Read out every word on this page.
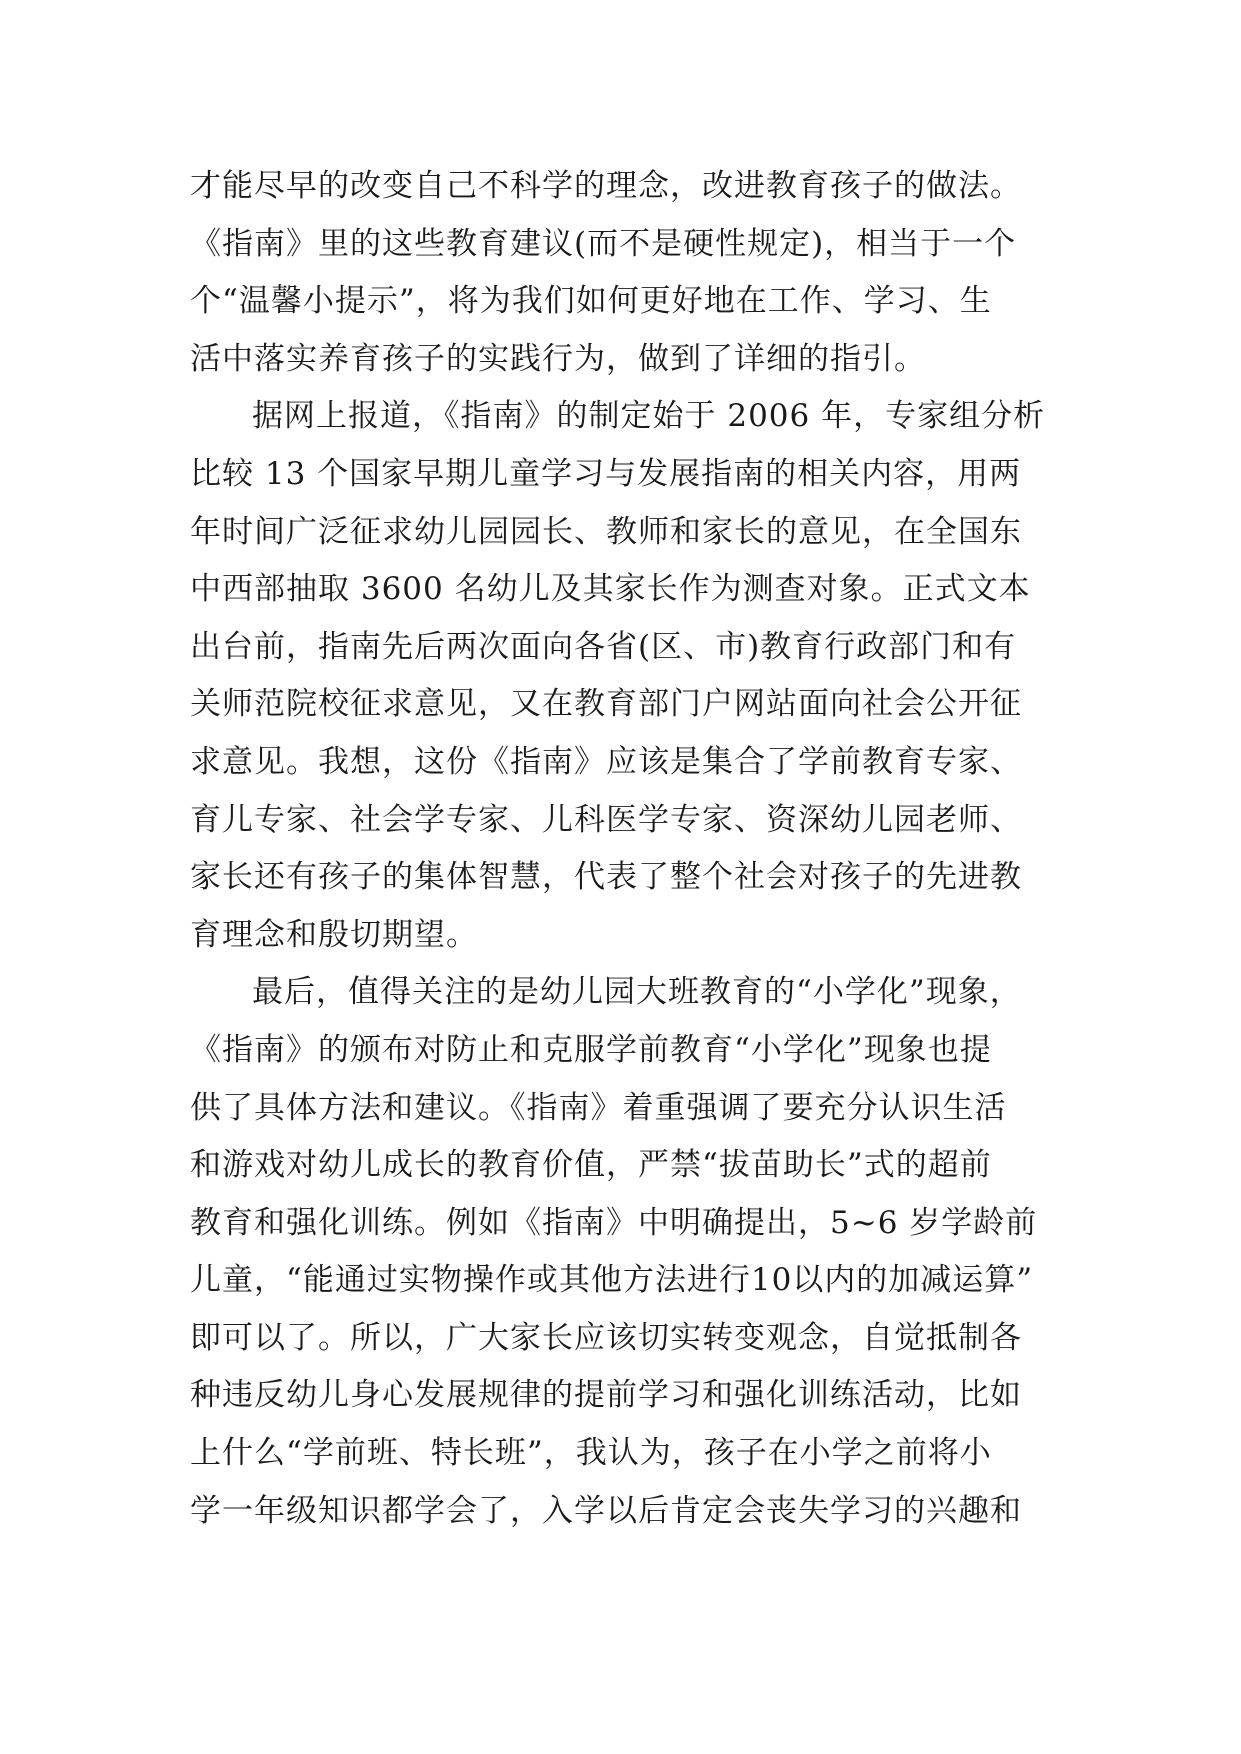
才能尽早的改变自己不科学的理念，改进教育孩子的做法。
《指南》里的这些教育建议(而不是硬性规定)，相当于一个
个“温馨小提示”，将为我们如何更好地在工作、学习、生
活中落实养育孩子的实践行为，做到了详细的指引。
据网上报道，《指南》的制定始于 2006 年，专家组分析
比较 13 个国家早期儿童学习与发展指南的相关内容，用两
年时间广泛征求幼儿园园长、教师和家长的意见，在全国东
中西部抽取 3600 名幼儿及其家长作为测查对象。正式文本
出台前，指南先后两次面向各省(区、市)教育行政部门和有
关师范院校征求意见，又在教育部门户网站面向社会公开征
求意见。我想，这份《指南》应该是集合了学前教育专家、
育儿专家、社会学专家、儿科医学专家、资深幼儿园老师、
家长还有孩子的集体智慧，代表了整个社会对孩子的先进教
育理念和殷切期望。
最后，值得关注的是幼儿园大班教育的“小学化”现象，
《指南》的颁布对防止和克服学前教育“小学化”现象也提
供了具体方法和建议。《指南》着重强调了要充分认识生活
和游戏对幼儿成长的教育价值，严禁“拔苗助长”式的超前
教育和强化训练。例如《指南》中明确提出，5~6 岁学龄前
儿童，“能通过实物操作或其他方法进行10以内的加减运算”
即可以了。所以，广大家长应该切实转变观念，自觉抵制各
种违反幼儿身心发展规律的提前学习和强化训练活动，比如
上什么“学前班、特长班”，我认为，孩子在小学之前将小
学一年级知识都学会了，入学以后肯定会丧失学习的兴趣和
